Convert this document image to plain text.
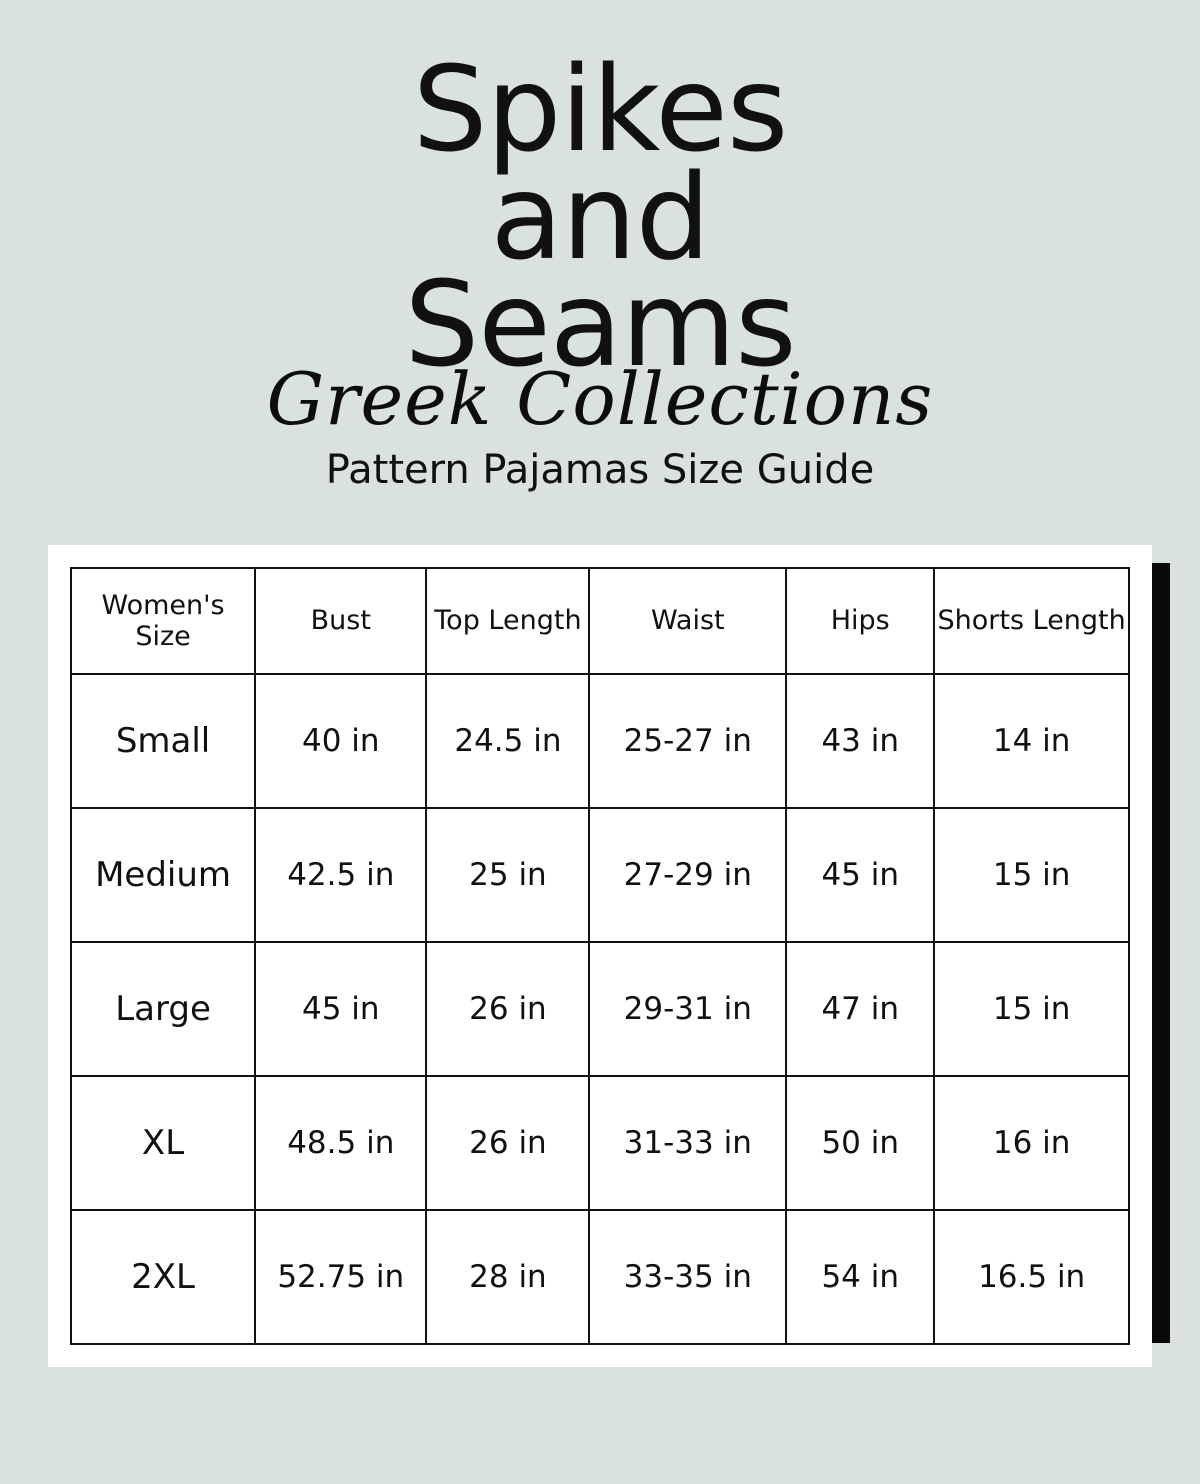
Spikes
and
Seams
Greek Collections
Pattern Pajamas Size Guide
Women's Size	Bust	Top Length	Waist	Hips	Shorts Length
Small	40 in	24.5 in	25-27 in	43 in	14 in
Medium	42.5 in	25 in	27-29 in	45 in	15 in
Large	45 in	26 in	29-31 in	47 in	15 in
XL	48.5 in	26 in	31-33 in	50 in	16 in
2XL	52.75 in	28 in	33-35 in	54 in	16.5 in
